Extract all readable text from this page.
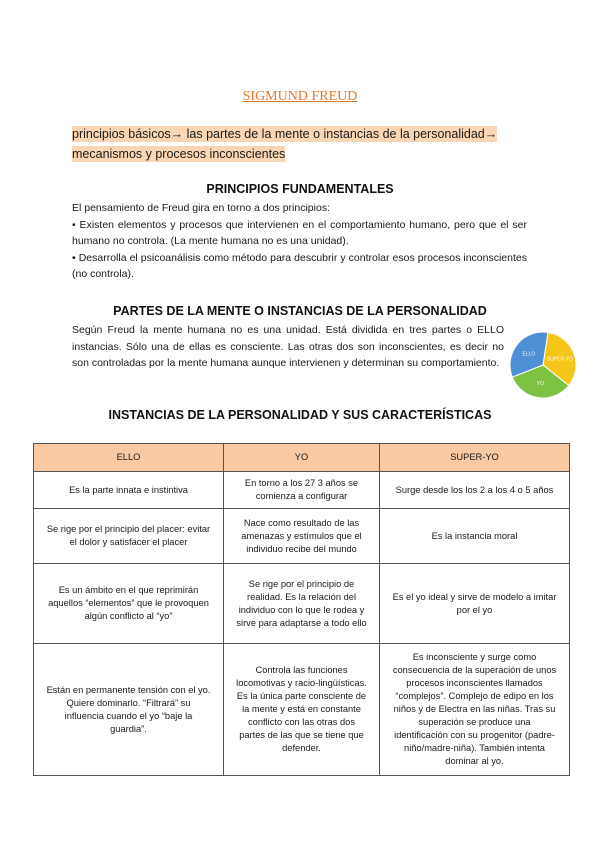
SIGMUND FREUD
principios básicos→ las partes de la mente o instancias de la personalidad→
mecanismos y procesos inconscientes
PRINCIPIOS FUNDAMENTALES
El pensamiento de Freud gira en torno a dos principios:
• Existen elementos y procesos que intervienen en el comportamiento humano, pero que el ser humano no controla. (La mente humana no es una unidad).
• Desarrolla el psicoanálisis como método para descubrir y controlar esos procesos inconscientes (no controla).
PARTES DE LA MENTE O INSTANCIAS DE LA PERSONALIDAD
Según Freud la mente humana no es una unidad. Está dividida en tres partes o ELLO instancias. Sólo una de ellas es consciente. Las otras dos son inconscientes, es decir no son controladas por la mente humana aunque intervienen y determinan su comportamiento.	SUPER-YO
YO
ELLO
INSTANCIAS DE LA PERSONALIDAD Y SUS CARACTERÍSTICAS
ELLO	YO	SUPER-YO
Es la parte innata e instintiva	En torno a los 27 3 años se comienza a configurar	Surge desde los los 2 a los 4 o 5 años
Se rige por el principio del placer: evitar el dolor y satisfacer el placer	Nace como resultado de las amenazas y estímulos que el individuo recibe del mundo	Es la instancia moral
Es un ámbito en el que reprimirán aquellos “elementos” que le provoquen algún conflicto al “yo”	Se rige por el principio de realidad. Es la relación del individuo con lo que le rodea y sirve para adaptarse a todo ello	Es el yo ideal y sirve de modelo a imitar por el yo
Están en permanente tensión con el yo. Quiere dominarlo. “Filtrará” su influencia cuando el yo “baje la guardia”.	Controla las funciones locomotivas y racio-lingüísticas. Es la única parte consciente de la mente y está en constante conflicto con las otras dos partes de las que se tiene que defender.	Es inconsciente y surge como consecuencia de la superación de unos procesos inconscientes llamados “complejos”. Complejo de edipo en los niños y de Electra en las niñas. Tras su superación se produce una identificación con su progenitor (padre-niño/madre-niña). También intenta dominar al yo.
